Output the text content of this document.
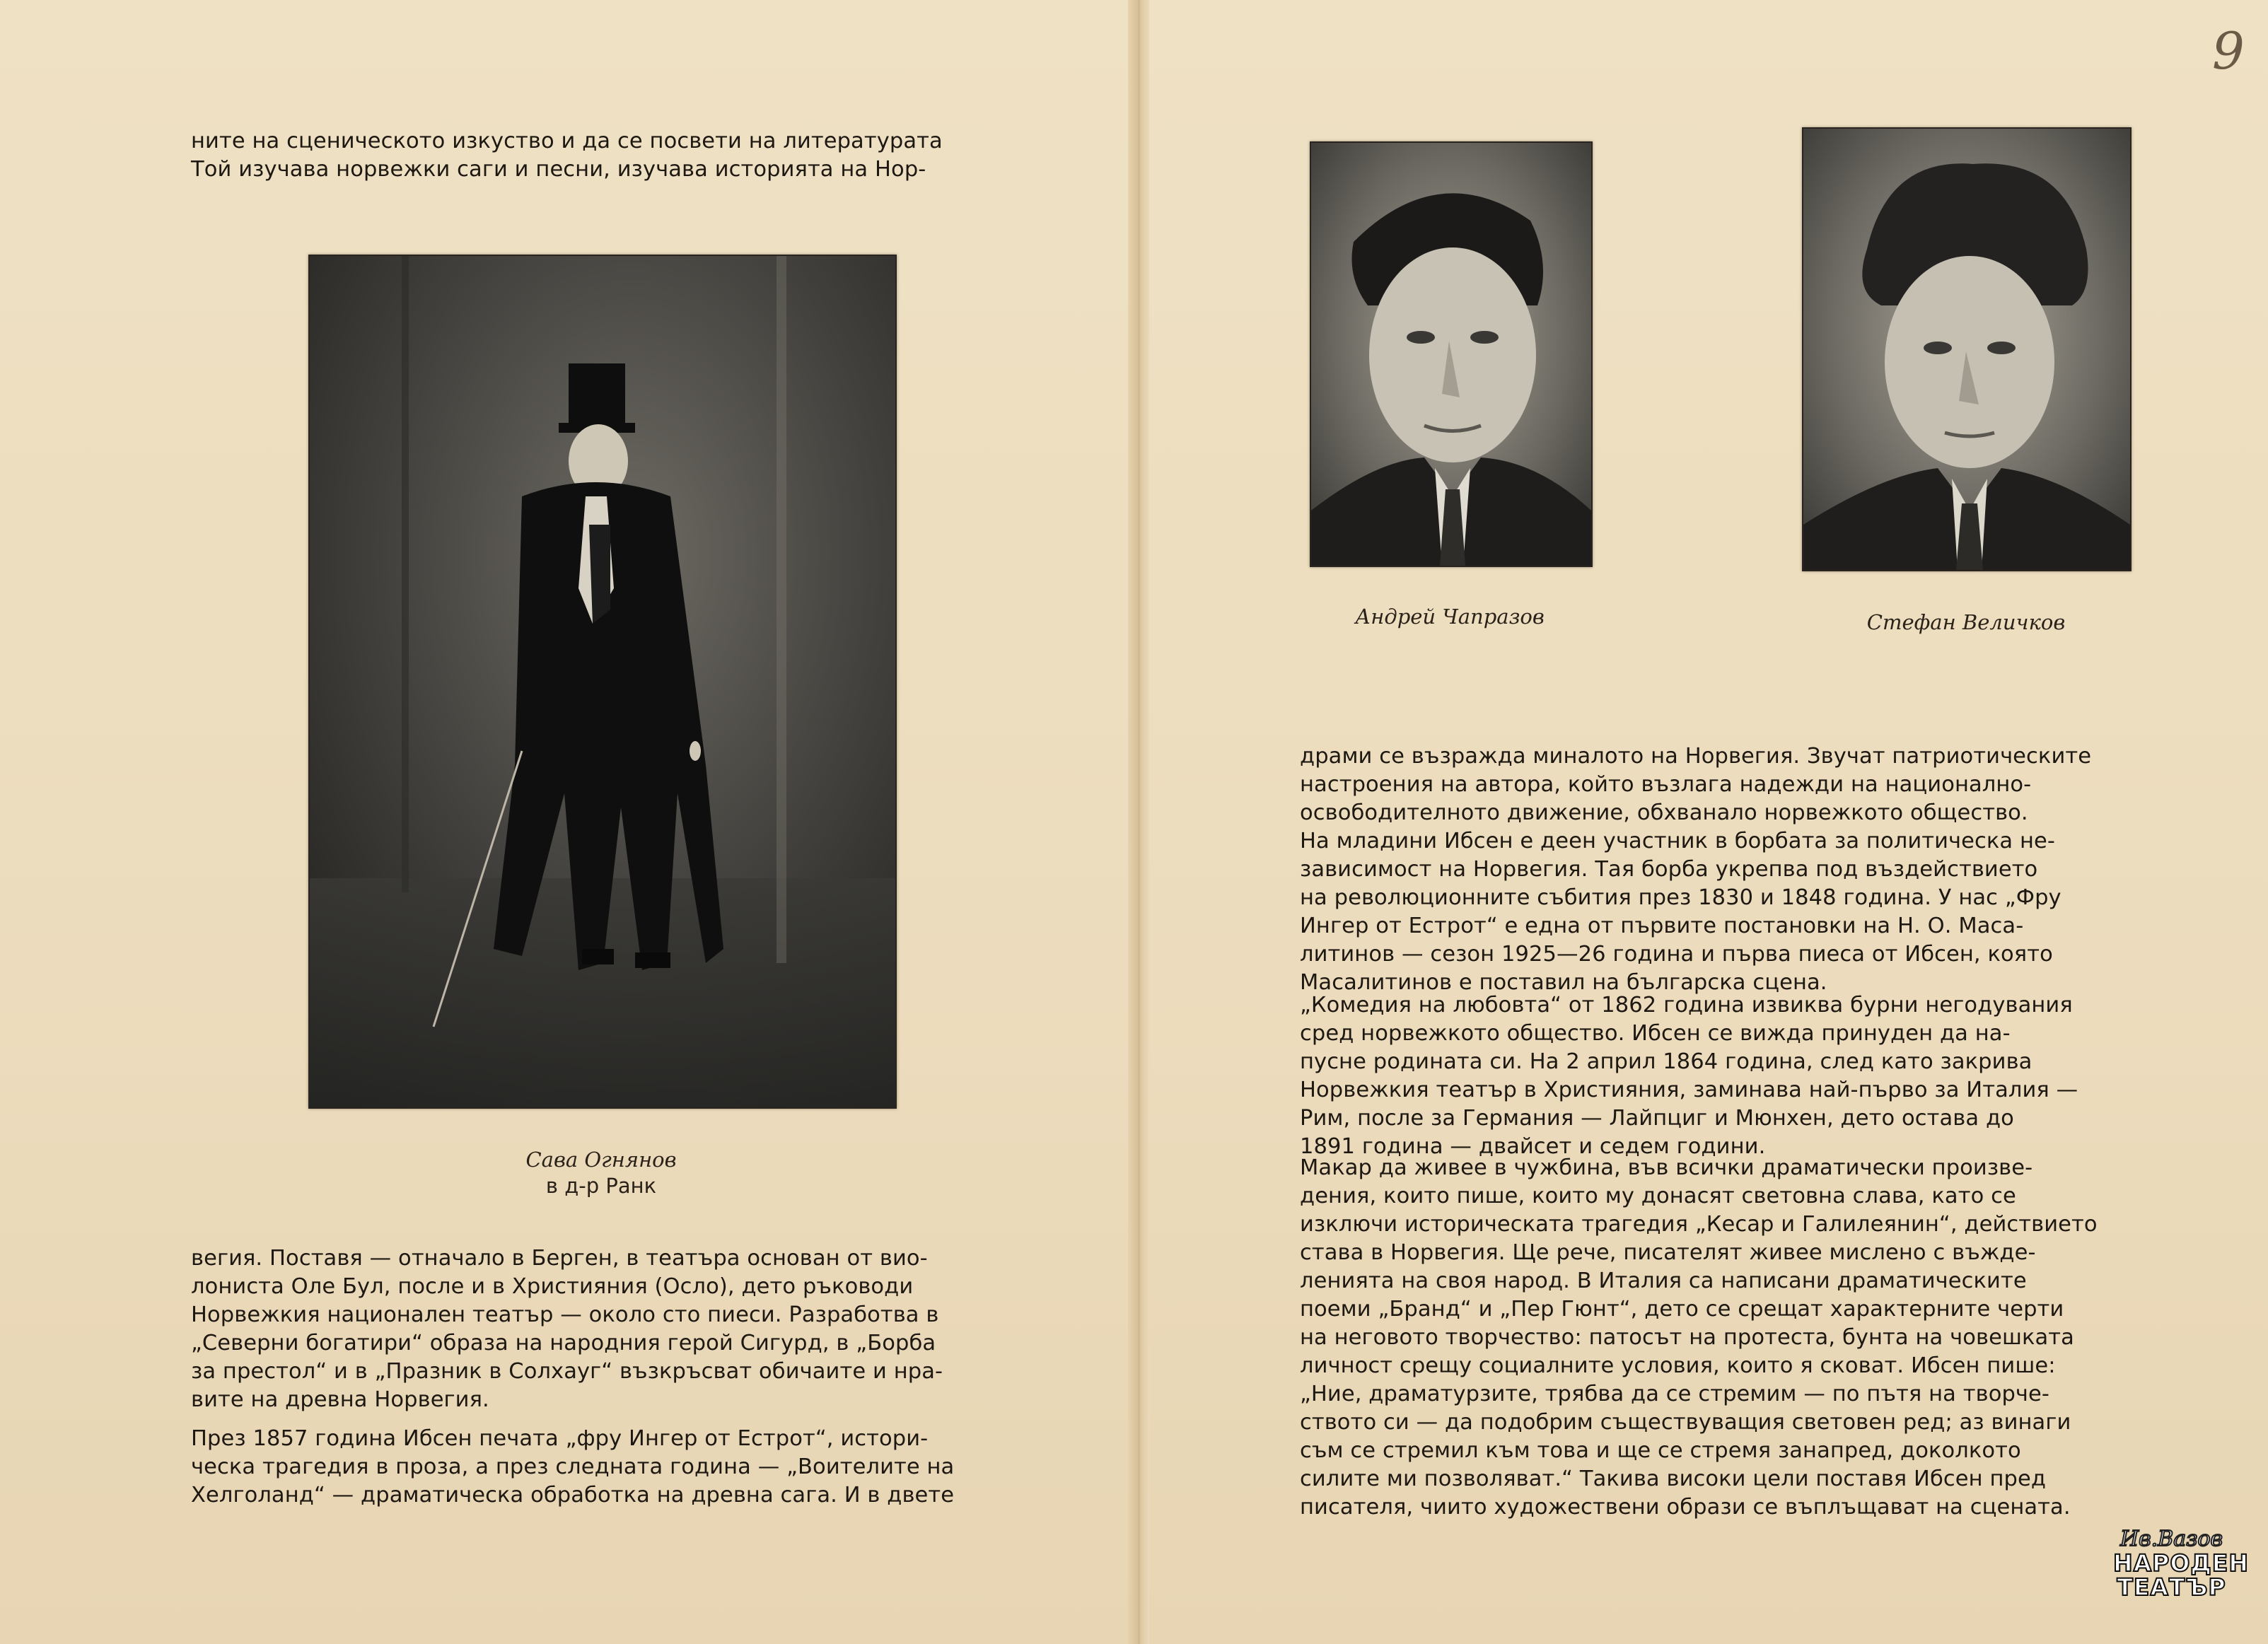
9
ните на сценическото изкуство и да се посвети на литературата
Той изучава норвежки саги и песни, изучава историята на Нор-
Сава Огнянов
в д-р Ранк
вегия. Поставя — отначало в Берген, в театъра основан от вио-
лониста Оле Бул, после и в Християния (Осло), дето ръководи
Норвежкия национален театър — около сто пиеси. Разработва в
„Северни богатири“ образа на народния герой Сигурд, в „Борба
за престол“ и в „Празник в Солхауг“ възкръсват обичаите и нра-
вите на древна Норвегия.
През 1857 година Ибсен печата „фру Ингер от Естрот“, истори-
ческа трагедия в проза, а през следната година — „Воителите на
Хелголанд“ — драматическа обработка на древна сага. И в двете
Андрей Чапразов	Стефан Величков
драми се възражда миналото на Норвегия. Звучат патриотическите
настроения на автора, който възлага надежди на национално-
освободителното движение, обхванало норвежкото общество.
На младини Ибсен е деен участник в борбата за политическа не-
зависимост на Норвегия. Тая борба укрепва под въздействието
на революционните събития през 1830 и 1848 година. У нас „Фру
Ингер от Естрот“ е една от първите постановки на Н. О. Маса-
литинов — сезон 1925—26 година и първа пиеса от Ибсен, която
Масалитинов е поставил на българска сцена.
„Комедия на любовта“ от 1862 година извиква бурни негодувания
сред норвежкото общество. Ибсен се вижда принуден да на-
пусне родината си. На 2 април 1864 година, след като закрива
Норвежкия театър в Християния, заминава най-първо за Италия —
Рим, после за Германия — Лайпциг и Мюнхен, дето остава до
1891 година — двайсет и седем години.
Макар да живее в чужбина, във всички драматически произве-
дения, които пише, които му донасят световна слава, като се
изключи историческата трагедия „Кесар и Галилеянин“, действието
става в Норвегия. Ще рече, писателят живее мислено с въжде-
ленията на своя народ. В Италия са написани драматическите
поеми „Бранд“ и „Пер Гюнт“, дето се срещат характерните черти
на неговото творчество: патосът на протеста, бунта на човешката
личност срещу социалните условия, които я сковат. Ибсен пише:
„Ние, драматурзите, трябва да се стремим — по пътя на творче-
ството си — да подобрим съществуващия световен ред; аз винаги
съм се стремил към това и ще се стремя занапред, доколкото
силите ми позволяват.“ Такива високи цели поставя Ибсен пред
писателя, чиито художествени образи се въплъщават на сцената.
Ив.Вазов
НАРОДЕН
ТЕАТЪР
